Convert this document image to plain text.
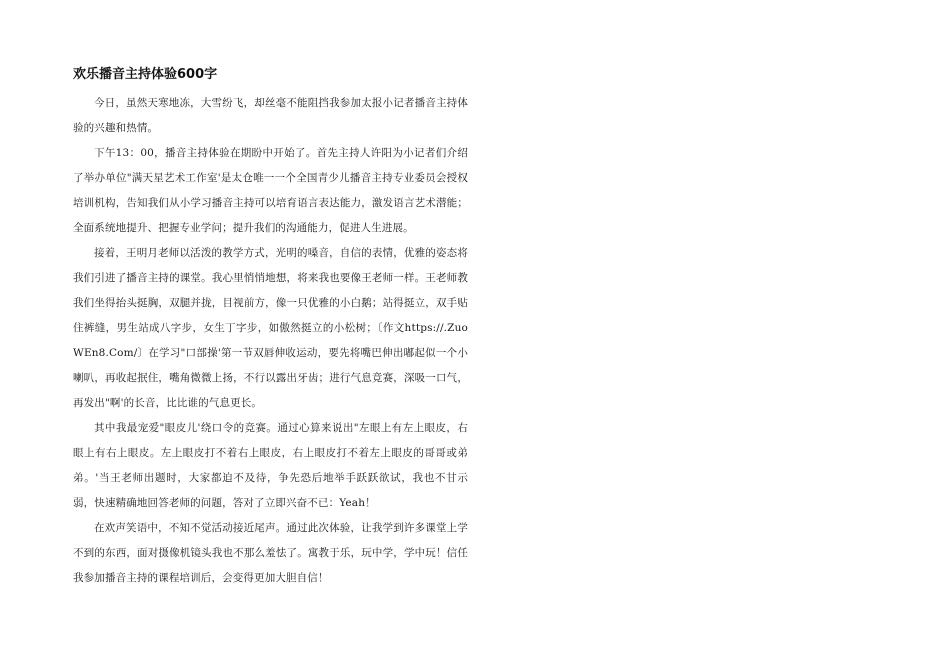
欢乐播音主持体验600字

今日，虽然天寒地冻，大雪纷飞，却丝毫不能阻挡我参加太报小记者播音主持体验的兴趣和热情。

下午13：00，播音主持体验在期盼中开始了。首先主持人许阳为小记者们介绍了举办单位"满天星艺术工作室'是太仓唯一一个全国青少儿播音主持专业委员会授权培训机构，告知我们从小学习播音主持可以培育语言表达能力，激发语言艺术潜能；全面系统地提升、把握专业学问；提升我们的沟通能力，促进人生进展。

接着，王明月老师以活泼的教学方式，光明的嗓音，自信的表情，优雅的姿态将我们引进了播音主持的课堂。我心里悄悄地想，将来我也要像王老师一样。王老师教我们坐得抬头挺胸，双腿并拢，目视前方，像一只优雅的小白鹅；站得挺立，双手贴住裤缝，男生站成八字步，女生丁字步，如傲然挺立的小松树；〔作文https://.ZuoWEn8.Com/〕在学习"口部操'第一节双唇伸收运动，要先将嘴巴伸出嘟起似一个小喇叭，再收起抿住，嘴角微微上扬，不行以露出牙齿；进行气息竞赛，深吸一口气，再发出"啊'的长音，比比谁的气息更长。

其中我最宠爱"眼皮儿'绕口令的竞赛。通过心算来说出"左眼上有左上眼皮，右眼上有右上眼皮。左上眼皮打不着右上眼皮，右上眼皮打不着左上眼皮的哥哥或弟弟。'当王老师出题时，大家都迫不及待，争先恐后地举手跃跃欲试，我也不甘示弱，快速精确地回答老师的问题，答对了立即兴奋不已：Yeah！

在欢声笑语中，不知不觉活动接近尾声。通过此次体验，让我学到许多课堂上学不到的东西，面对摄像机镜头我也不那么羞怯了。寓教于乐，玩中学，学中玩！信任我参加播音主持的课程培训后，会变得更加大胆自信！
